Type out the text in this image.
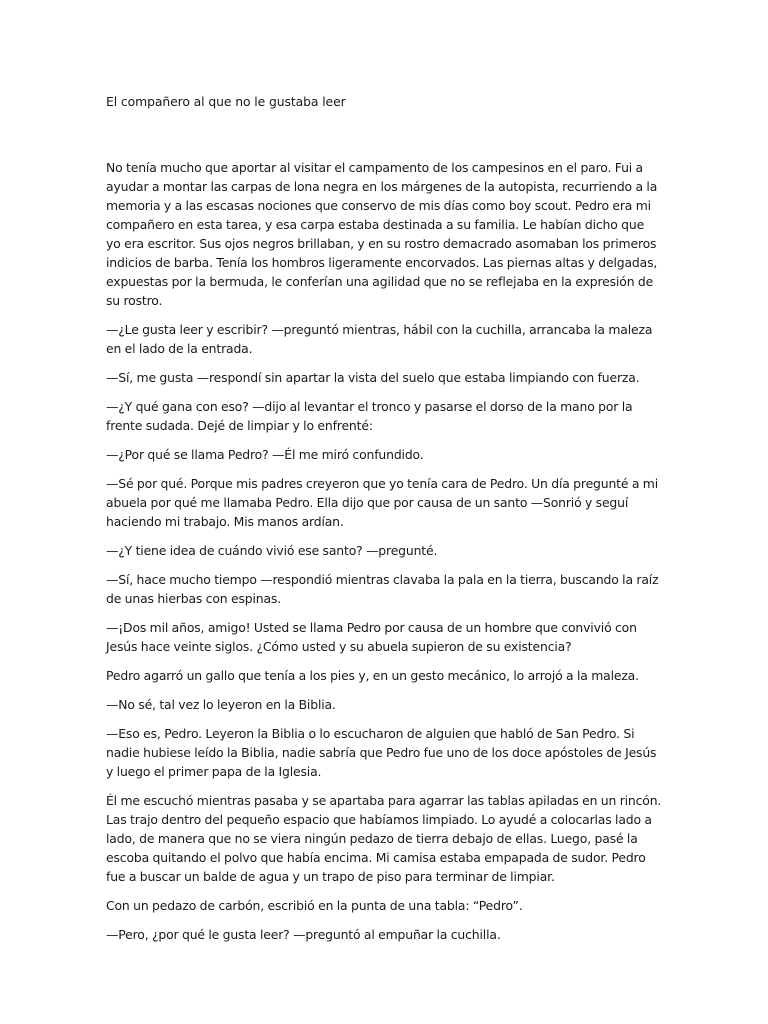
El compañero al que no le gustaba leer

No tenía mucho que aportar al visitar el campamento de los campesinos en el paro. Fui a ayudar a montar las carpas de lona negra en los márgenes de la autopista, recurriendo a la memoria y a las escasas nociones que conservo de mis días como boy scout. Pedro era mi compañero en esta tarea, y esa carpa estaba destinada a su familia. Le habían dicho que yo era escritor. Sus ojos negros brillaban, y en su rostro demacrado asomaban los primeros indicios de barba. Tenía los hombros ligeramente encorvados. Las piernas altas y delgadas, expuestas por la bermuda, le conferían una agilidad que no se reflejaba en la expresión de su rostro.

—¿Le gusta leer y escribir? —preguntó mientras, hábil con la cuchilla, arrancaba la maleza en el lado de la entrada.

—Sí, me gusta —respondí sin apartar la vista del suelo que estaba limpiando con fuerza.

—¿Y qué gana con eso? —dijo al levantar el tronco y pasarse el dorso de la mano por la frente sudada. Dejé de limpiar y lo enfrenté:

—¿Por qué se llama Pedro? —Él me miró confundido.

—Sé por qué. Porque mis padres creyeron que yo tenía cara de Pedro. Un día pregunté a mi abuela por qué me llamaba Pedro. Ella dijo que por causa de un santo —Sonrió y seguí haciendo mi trabajo. Mis manos ardían.

—¿Y tiene idea de cuándo vivió ese santo? —pregunté.

—Sí, hace mucho tiempo —respondió mientras clavaba la pala en la tierra, buscando la raíz de unas hierbas con espinas.

—¡Dos mil años, amigo! Usted se llama Pedro por causa de un hombre que convivió con Jesús hace veinte siglos. ¿Cómo usted y su abuela supieron de su existencia?

Pedro agarró un gallo que tenía a los pies y, en un gesto mecánico, lo arrojó a la maleza.

—No sé, tal vez lo leyeron en la Biblia.

—Eso es, Pedro. Leyeron la Biblia o lo escucharon de alguien que habló de San Pedro. Si nadie hubiese leído la Biblia, nadie sabría que Pedro fue uno de los doce apóstoles de Jesús y luego el primer papa de la Iglesia.

Él me escuchó mientras pasaba y se apartaba para agarrar las tablas apiladas en un rincón. Las trajo dentro del pequeño espacio que habíamos limpiado. Lo ayudé a colocarlas lado a lado, de manera que no se viera ningún pedazo de tierra debajo de ellas. Luego, pasé la escoba quitando el polvo que había encima. Mi camisa estaba empapada de sudor. Pedro fue a buscar un balde de agua y un trapo de piso para terminar de limpiar.

Con un pedazo de carbón, escribió en la punta de una tabla: “Pedro”.

—Pero, ¿por qué le gusta leer? —preguntó al empuñar la cuchilla.
